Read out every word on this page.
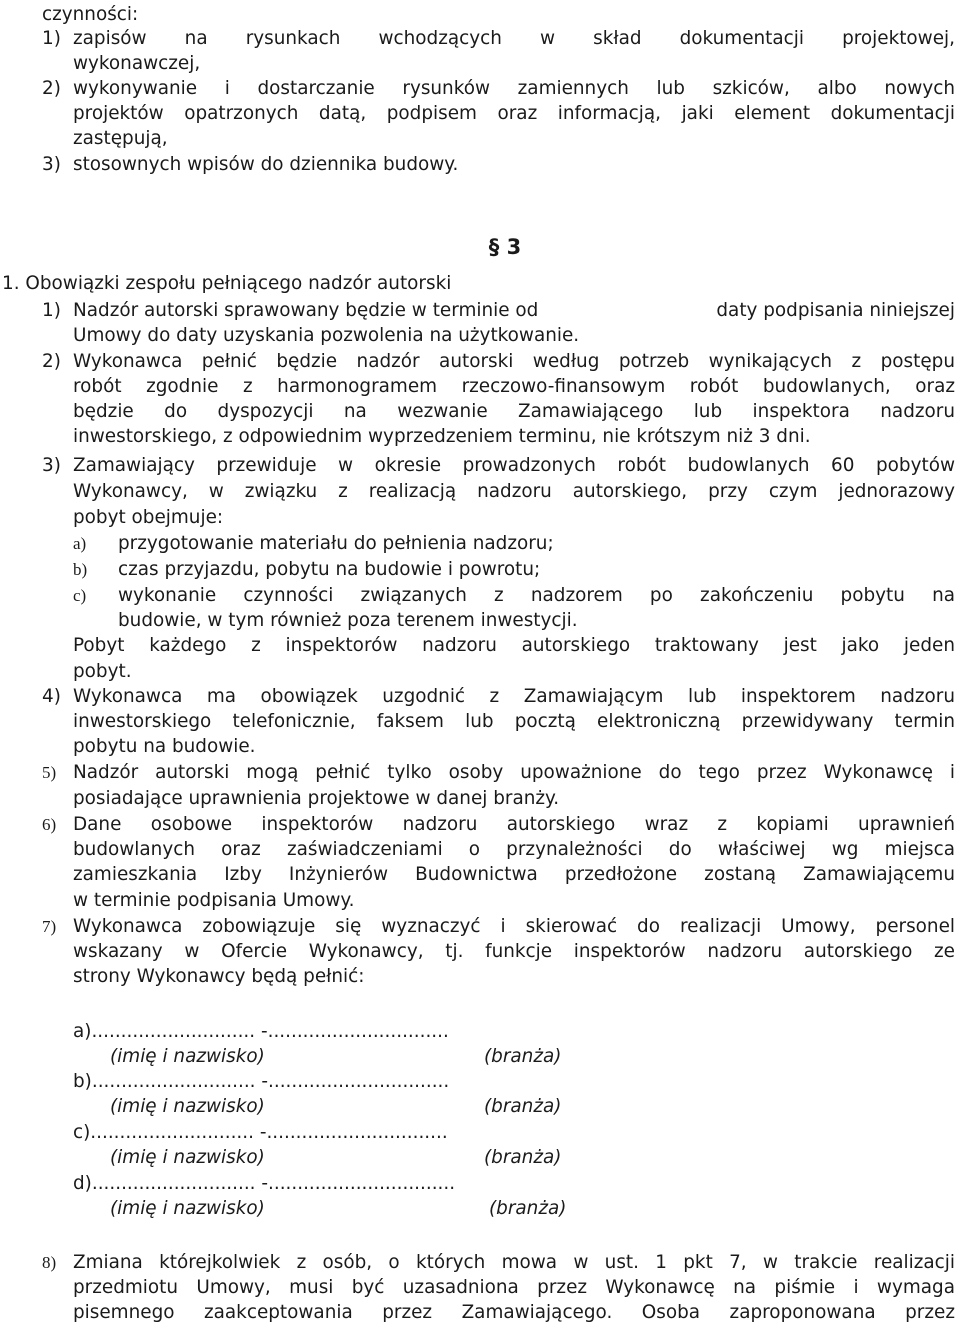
czynności:
1) zapisów na rysunkach wchodzących w skład dokumentacji projektowej,
wykonawczej,
2) wykonywanie i dostarczanie rysunków zamiennych lub szkiców, albo nowych
projektów opatrzonych datą, podpisem oraz informacją, jaki element dokumentacji
zastępują,
3) stosownych wpisów do dziennika budowy.
§ 3
1. Obowiązki zespołu pełniącego nadzór autorski
1) Nadzór autorski sprawowany będzie w terminie od	daty podpisania niniejszej
Umowy do daty uzyskania pozwolenia na użytkowanie.
2) Wykonawca pełnić będzie nadzór autorski według potrzeb wynikających z postępu
robót zgodnie z harmonogramem rzeczowo-finansowym robót budowlanych, oraz
będzie do dyspozycji na wezwanie Zamawiającego lub inspektora nadzoru
inwestorskiego, z odpowiednim wyprzedzeniem terminu, nie krótszym niż 3 dni.
3) Zamawiający przewiduje w okresie prowadzonych robót budowlanych 60 pobytów
Wykonawcy, w związku z realizacją nadzoru autorskiego, przy czym jednorazowy
pobyt obejmuje:
a) przygotowanie materiału do pełnienia nadzoru;
b) czas przyjazdu, pobytu na budowie i powrotu;
c) wykonanie czynności związanych z nadzorem po zakończeniu pobytu na
budowie, w tym również poza terenem inwestycji.
Pobyt każdego z inspektorów nadzoru autorskiego traktowany jest jako jeden
pobyt.
4) Wykonawca ma obowiązek uzgodnić z Zamawiającym lub inspektorem nadzoru
inwestorskiego telefonicznie, faksem lub pocztą elektroniczną przewidywany termin
pobytu na budowie.
5) Nadzór autorski mogą pełnić tylko osoby upoważnione do tego przez Wykonawcę i
posiadające uprawnienia projektowe w danej branży.
6) Dane osobowe inspektorów nadzoru autorskiego wraz z kopiami uprawnień
budowlanych oraz zaświadczeniami o przynależności do właściwej wg miejsca
zamieszkania Izby Inżynierów Budownictwa przedłożone zostaną Zamawiającemu
w terminie podpisania Umowy.
7) Wykonawca zobowiązuje się wyznaczyć i skierować do realizacji Umowy, personel
wskazany w Ofercie Wykonawcy, tj. funkcje inspektorów nadzoru autorskiego ze
strony Wykonawcy będą pełnić:
a)............................ -...............................
(imię i nazwisko)	(branża)
b)............................ -...............................
(imię i nazwisko)	(branża)
c)............................ -...............................
(imię i nazwisko)	(branża)
d)............................ -................................
(imię i nazwisko)	(branża)
8) Zmiana którejkolwiek z osób, o których mowa w ust. 1 pkt 7, w trakcie realizacji
przedmiotu Umowy, musi być uzasadniona przez Wykonawcę na piśmie i wymaga
pisemnego zaakceptowania przez Zamawiającego. Osoba zaproponowana przez
